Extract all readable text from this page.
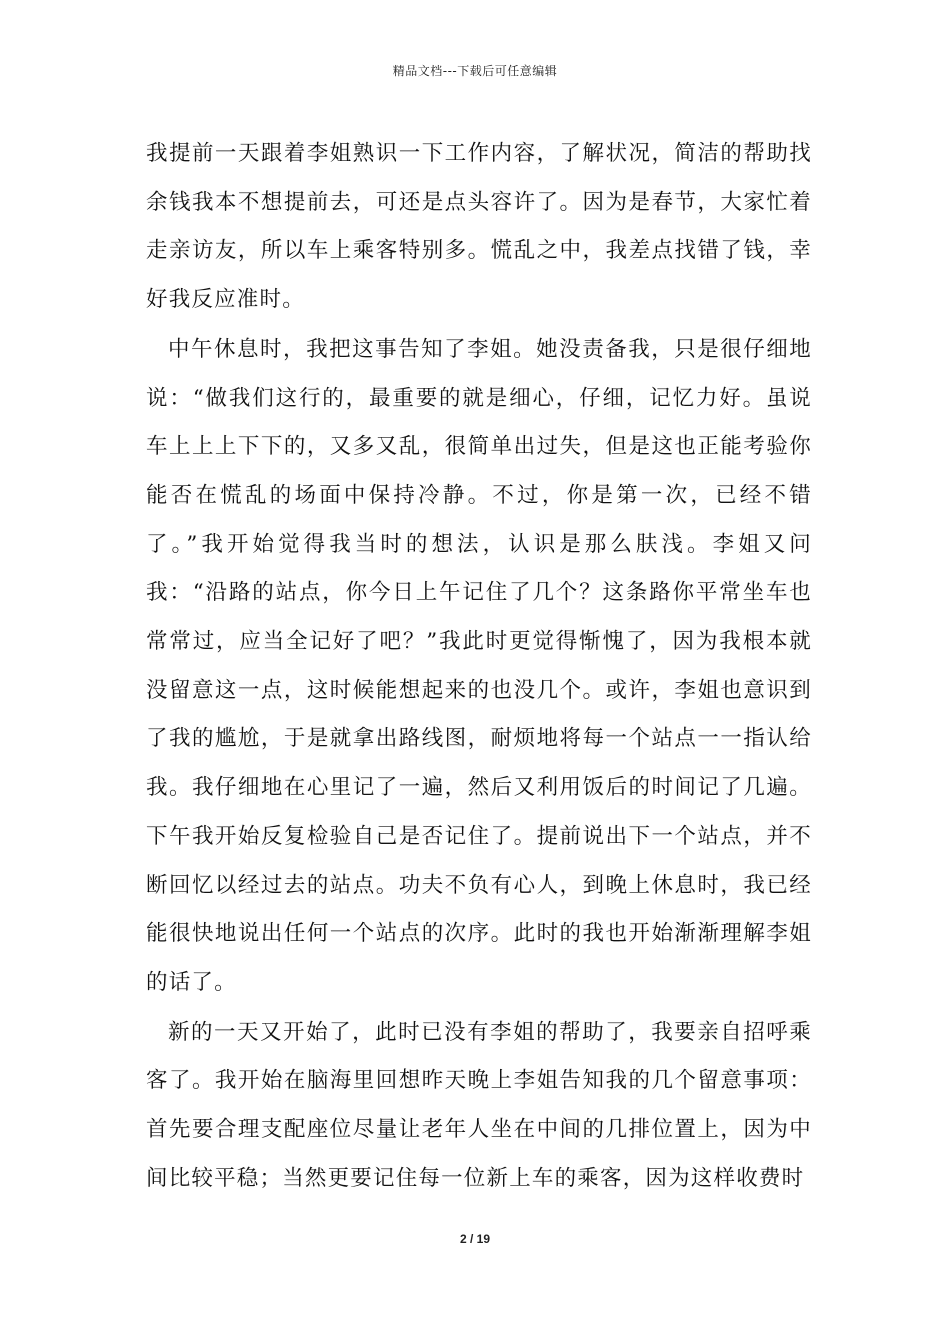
精品文档---下载后可任意编辑

我提前一天跟着李姐熟识一下工作内容，了解状况，简洁的帮助找余钱我本不想提前去，可还是点头容许了。因为是春节，大家忙着走亲访友，所以车上乘客特别多。慌乱之中，我差点找错了钱，幸好我反应准时。

中午休息时，我把这事告知了李姐。她没责备我，只是很仔细地说：“做我们这行的，最重要的就是细心，仔细，记忆力好。虽说车上上上下下的，又多又乱，很简单出过失，但是这也正能考验你能否在慌乱的场面中保持冷静。不过，你是第一次，已经不错了。”我开始觉得我当时的想法，认识是那么肤浅。李姐又问我：“沿路的站点，你今日上午记住了几个？这条路你平常坐车也常常过，应当全记好了吧？”我此时更觉得惭愧了，因为我根本就没留意这一点，这时候能想起来的也没几个。或许，李姐也意识到了我的尴尬，于是就拿出路线图，耐烦地将每一个站点一一指认给我。我仔细地在心里记了一遍，然后又利用饭后的时间记了几遍。下午我开始反复检验自己是否记住了。提前说出下一个站点，并不断回忆以经过去的站点。功夫不负有心人，到晚上休息时，我已经能很快地说出任何一个站点的次序。此时的我也开始渐渐理解李姐的话了。

新的一天又开始了，此时已没有李姐的帮助了，我要亲自招呼乘客了。我开始在脑海里回想昨天晚上李姐告知我的几个留意事项：首先要合理支配座位尽量让老年人坐在中间的几排位置上，因为中间比较平稳；当然更要记住每一位新上车的乘客，因为这样收费时

2 / 19
